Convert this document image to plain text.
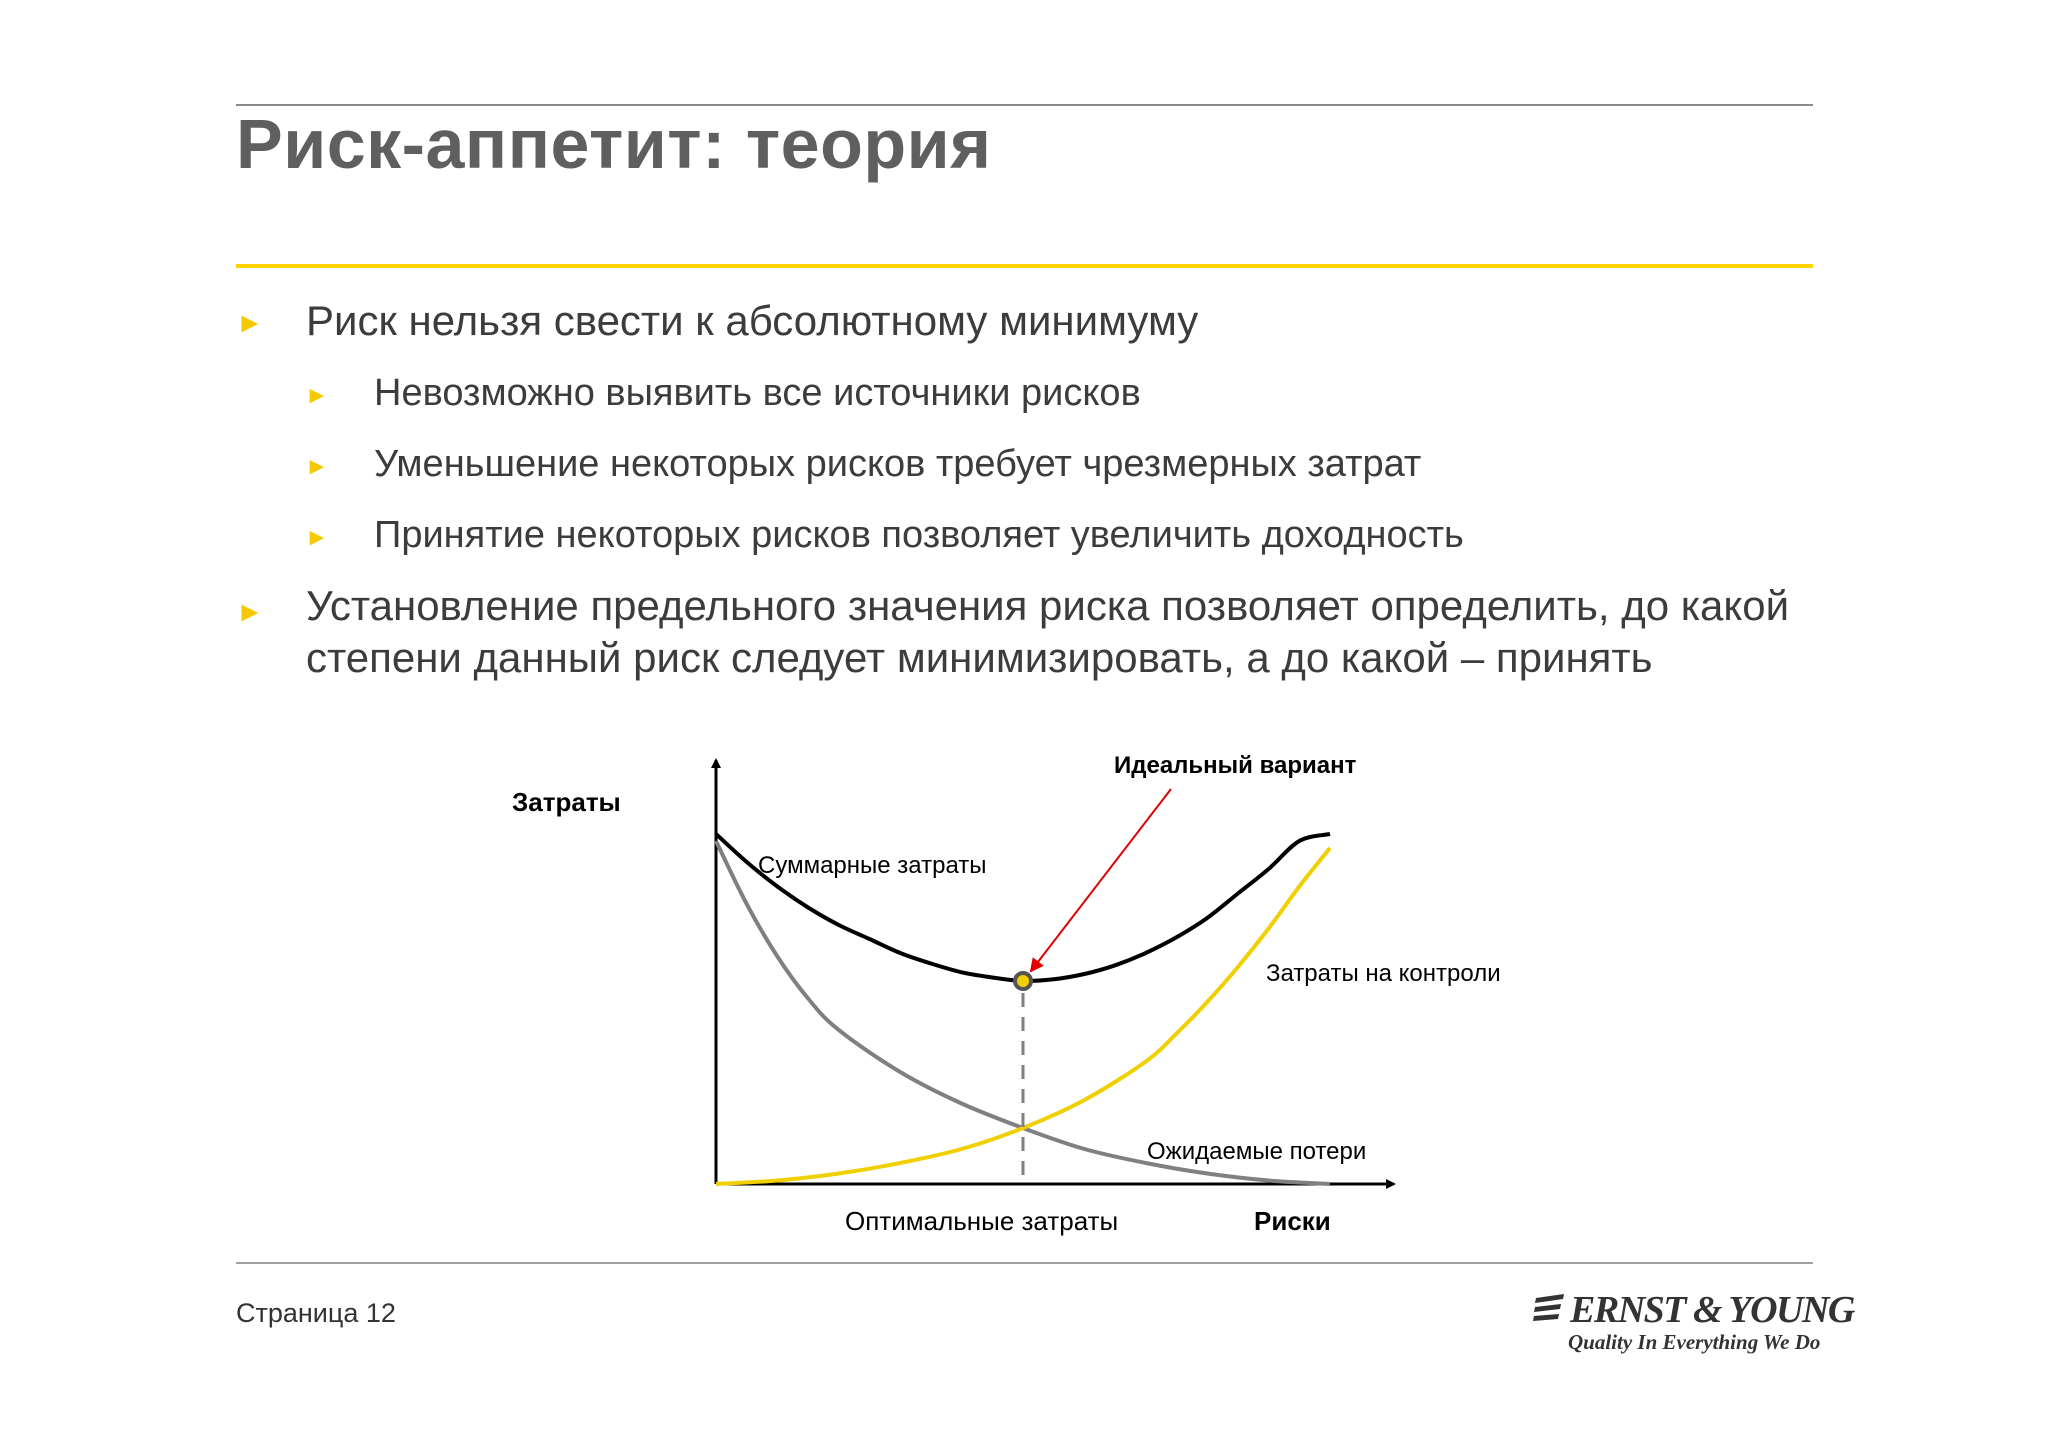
Риск-аппетит: теория
►	Риск нельзя свести к абсолютному минимуму
►	Невозможно выявить все источники рисков
►	Уменьшение некоторых рисков требует чрезмерных затрат
►	Принятие некоторых рисков позволяет увеличить доходность
►	Установление предельного значения риска позволяет определить, до какой степени данный риск следует минимизировать, а до какой – принять
Затраты
Риски
Оптимальные затраты
Идеальный вариант
Суммарные затраты
Затраты на контроли
Ожидаемые потери
Страница 12	ERNST & YOUNG
Quality In Everything We Do
